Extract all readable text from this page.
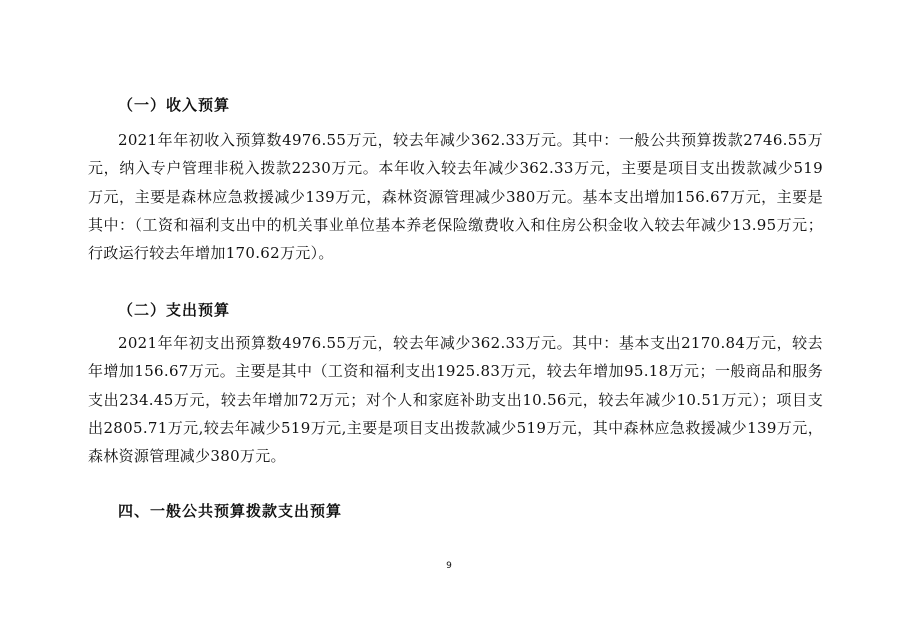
（一）收入预算
2021年年初收入预算数4976.55万元，较去年减少362.33万元。其中：一般公共预算拨款2746.55万元，纳入专户管理非税入拨款2230万元。本年收入较去年减少362.33万元，主要是项目支出拨款减少519万元，主要是森林应急救援减少139万元，森林资源管理减少380万元。基本支出增加156.67万元，主要是其中：（工资和福利支出中的机关事业单位基本养老保险缴费收入和住房公积金收入较去年减少13.95万元；行政运行较去年增加170.62万元）。
（二）支出预算
2021年年初支出预算数4976.55万元，较去年减少362.33万元。其中：基本支出2170.84万元，较去年增加156.67万元。主要是其中（工资和福利支出1925.83万元，较去年增加95.18万元；一般商品和服务支出234.45万元，较去年增加72万元；对个人和家庭补助支出10.56元，较去年减少10.51万元）；项目支出2805.71万元,较去年减少519万元,主要是项目支出拨款减少519万元，其中森林应急救援减少139万元，森林资源管理减少380万元。
四、一般公共预算拨款支出预算
9
